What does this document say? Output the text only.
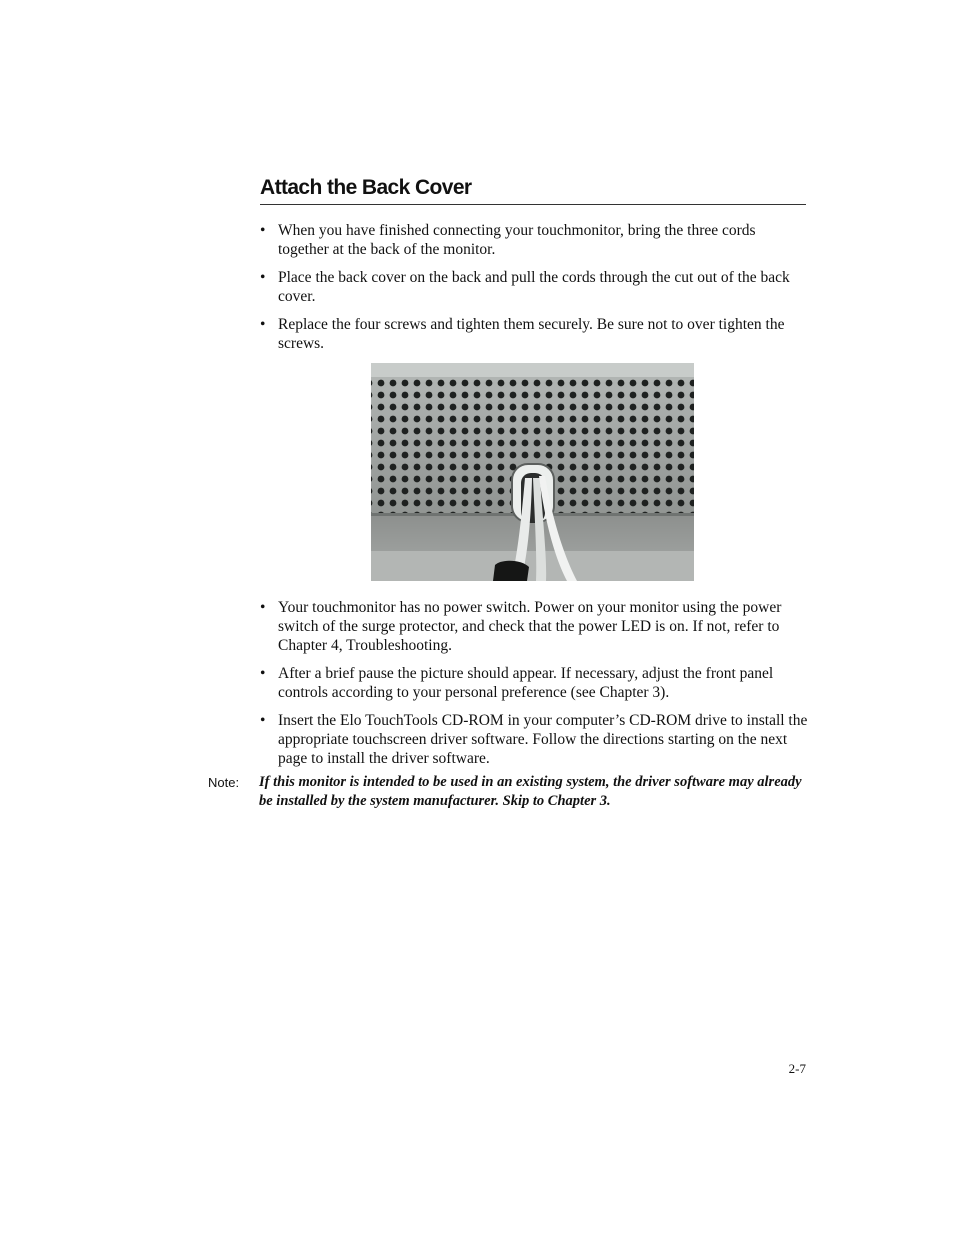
Attach the Back Cover
• When you have finished connecting your touchmonitor, bring the three cords together at the back of the monitor.
• Place the back cover on the back and pull the cords through the cut out of the back cover.
• Replace the four screws and tighten them securely. Be sure not to over tighten the screws.
• Your touchmonitor has no power switch. Power on your monitor using the power switch of the surge protector, and check that the power LED is on. If not, refer to Chapter 4, Troubleshooting.
• After a brief pause the picture should appear. If necessary, adjust the front panel controls according to your personal preference (see Chapter 3).
• Insert the Elo TouchTools CD-ROM in your computer’s CD-ROM drive to install the appropriate touchscreen driver software. Follow the directions starting on the next page to install the driver software.
Note: If this monitor is intended to be used in an existing system, the driver software may already be installed by the system manufacturer. Skip to Chapter 3.
2-7
